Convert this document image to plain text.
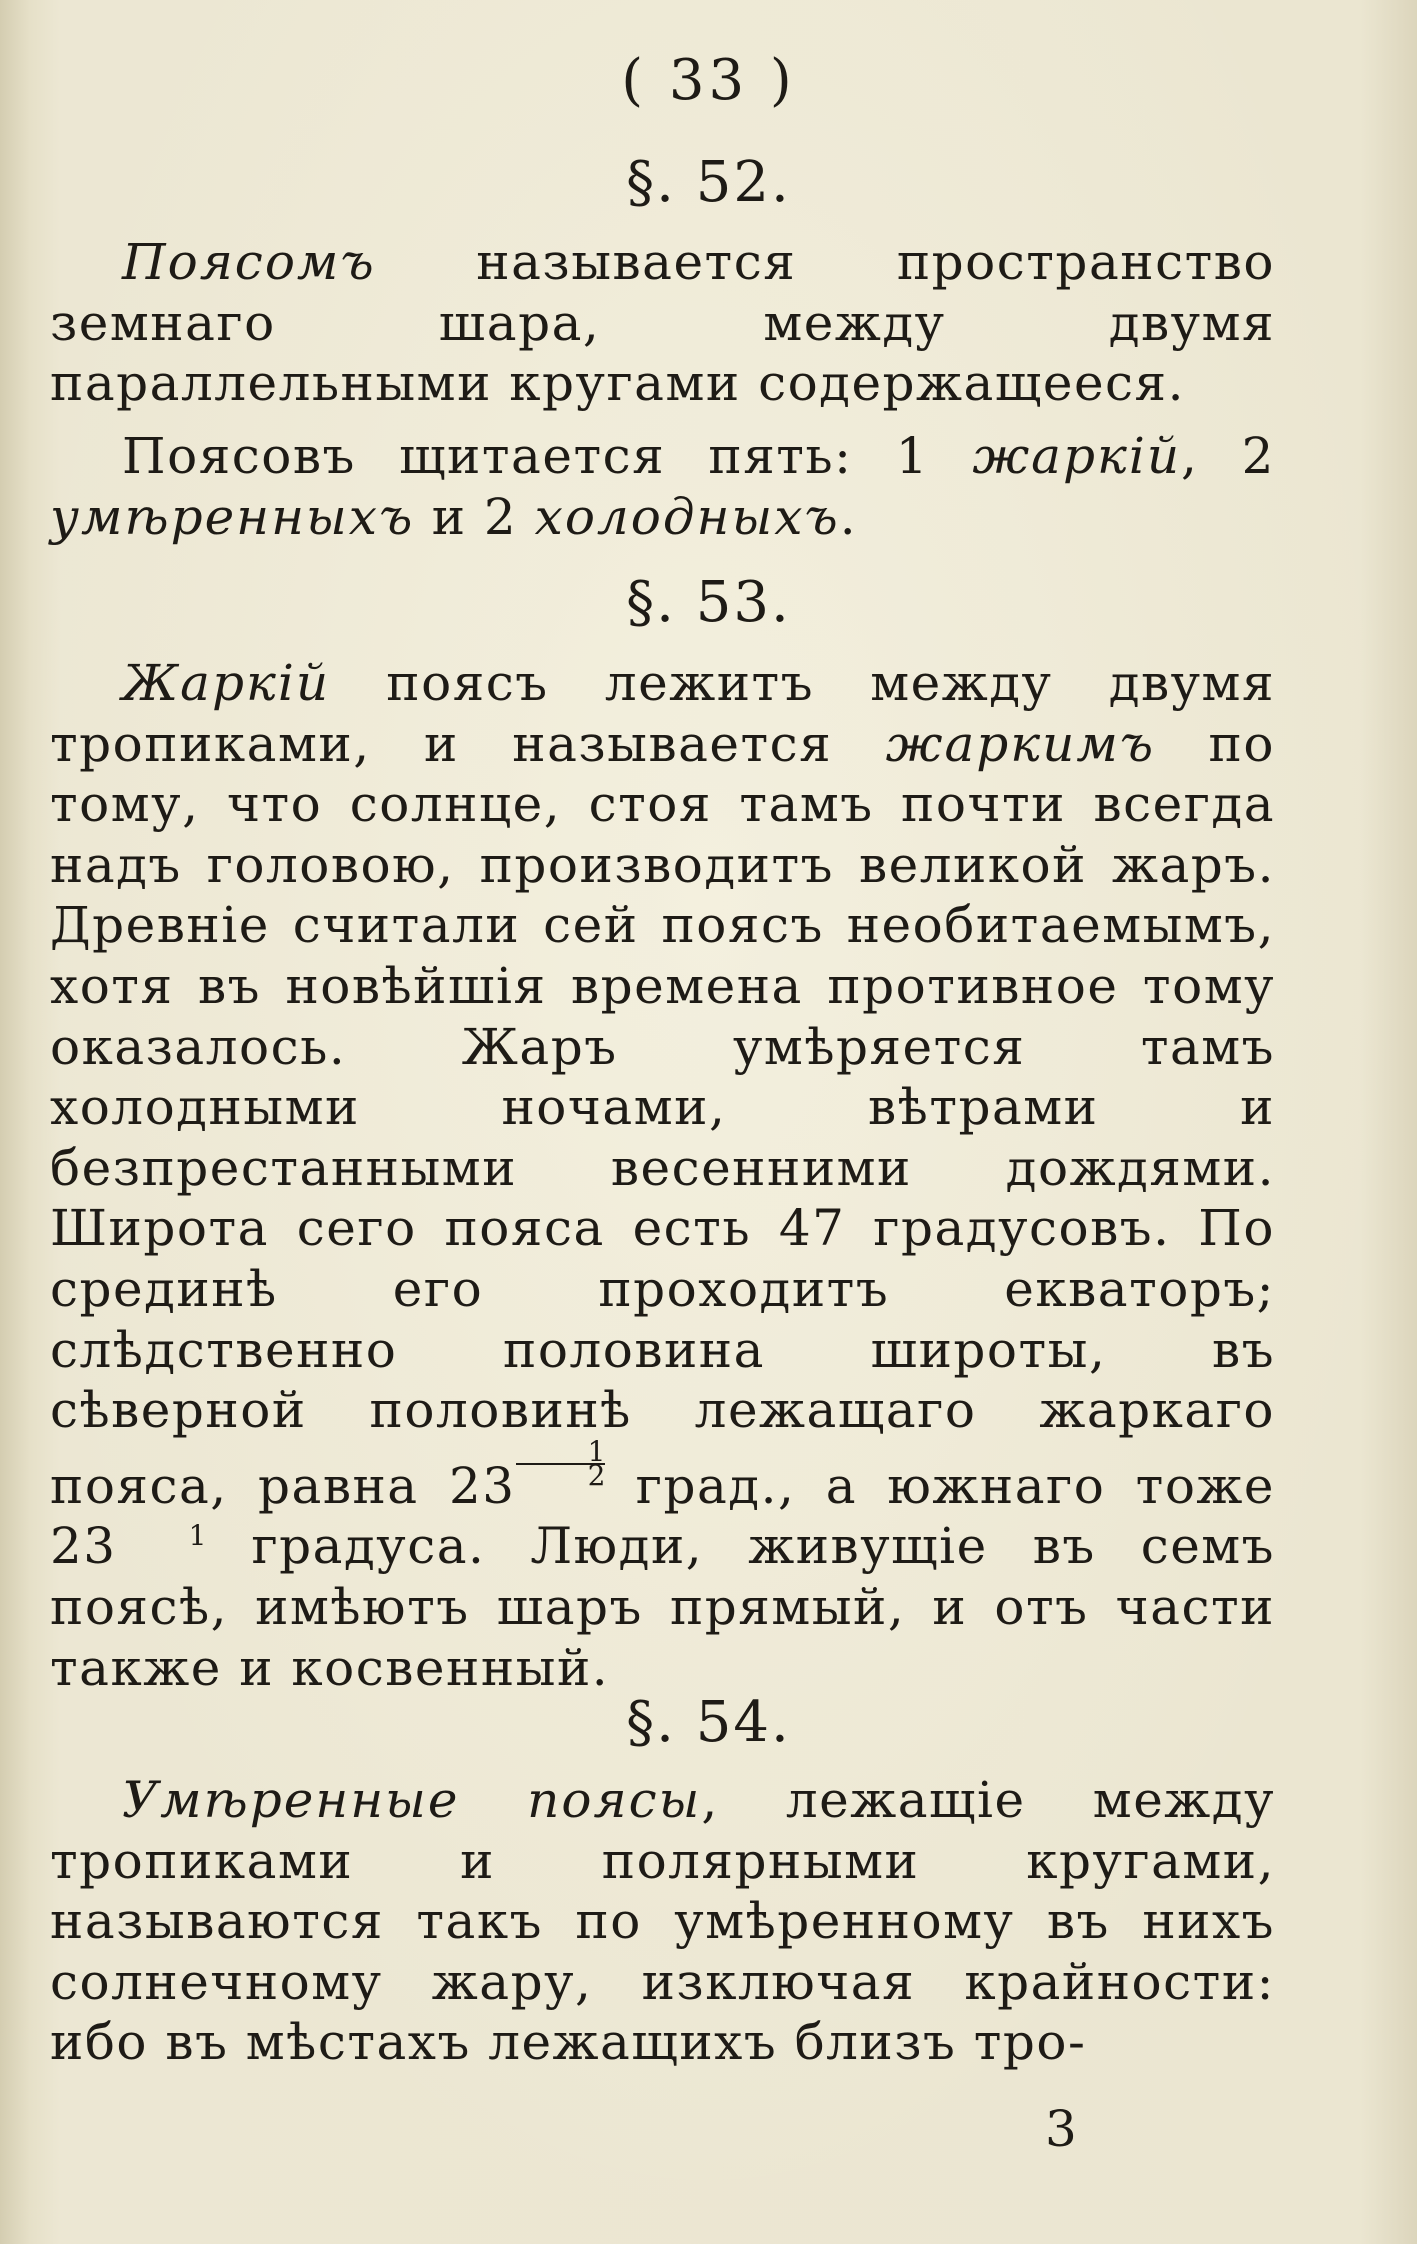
( 33 )
§. 52.
Поясомъ называется пространство земнаго шара, между двумя параллельными кругами содержащееся.
Поясовъ щитается пять: 1 жаркій, 2 умѣренныхъ и 2 холодныхъ.
§. 53.
Жаркій поясъ лежитъ между двумя тропиками, и называется жаркимъ по тому, что солнце, стоя тамъ почти всегда надъ головою, производитъ великой жаръ. Древніе считали сей поясъ необитаемымъ, хотя въ новѣйшія времена противное тому оказалось. Жаръ умѣряется тамъ холодными ночами, вѣтрами и безпрестанными весенними дождями. Широта сего пояса есть 47 градусовъ. По срединѣ его проходитъ екваторъ; слѣдственно половина широты, въ сѣверной половинѣ лежащаго жаркаго пояса, равна 23 $^{\frac{1}{2}}$ град., а южнаго тоже 23	$^1$ градуса. Люди, живущіе въ семъ поясѣ, имѣютъ шаръ прямый, и отъ части также и косвенный.
§. 54.
Умѣренные поясы, лежащіе между тропиками и полярными кругами, называются такъ по умѣренному въ нихъ солнечному жару, изключая крайности: ибо въ мѣстахъ лежащихъ близъ тро-
3
